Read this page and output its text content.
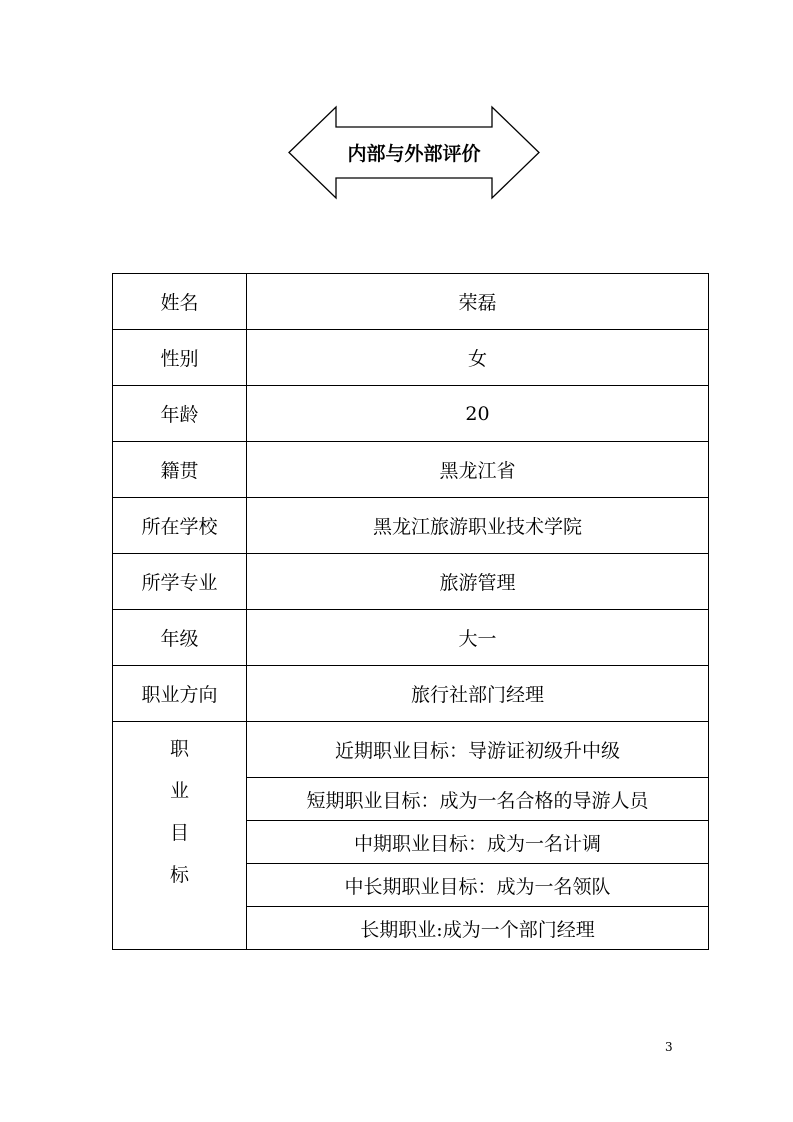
内部与外部评价
姓名	荣磊
性别	女
年龄	20
籍贯	黑龙江省
所在学校	黑龙江旅游职业技术学院
所学专业	旅游管理
年级	大一
职业方向	旅行社部门经理

职
业
目
标	近期职业目标：导游证初级升中级
	短期职业目标：成为一名合格的导游人员
	中期职业目标：成为一名计调
	中长期职业目标：成为一名领队
	长期职业:成为一个部门经理
3
